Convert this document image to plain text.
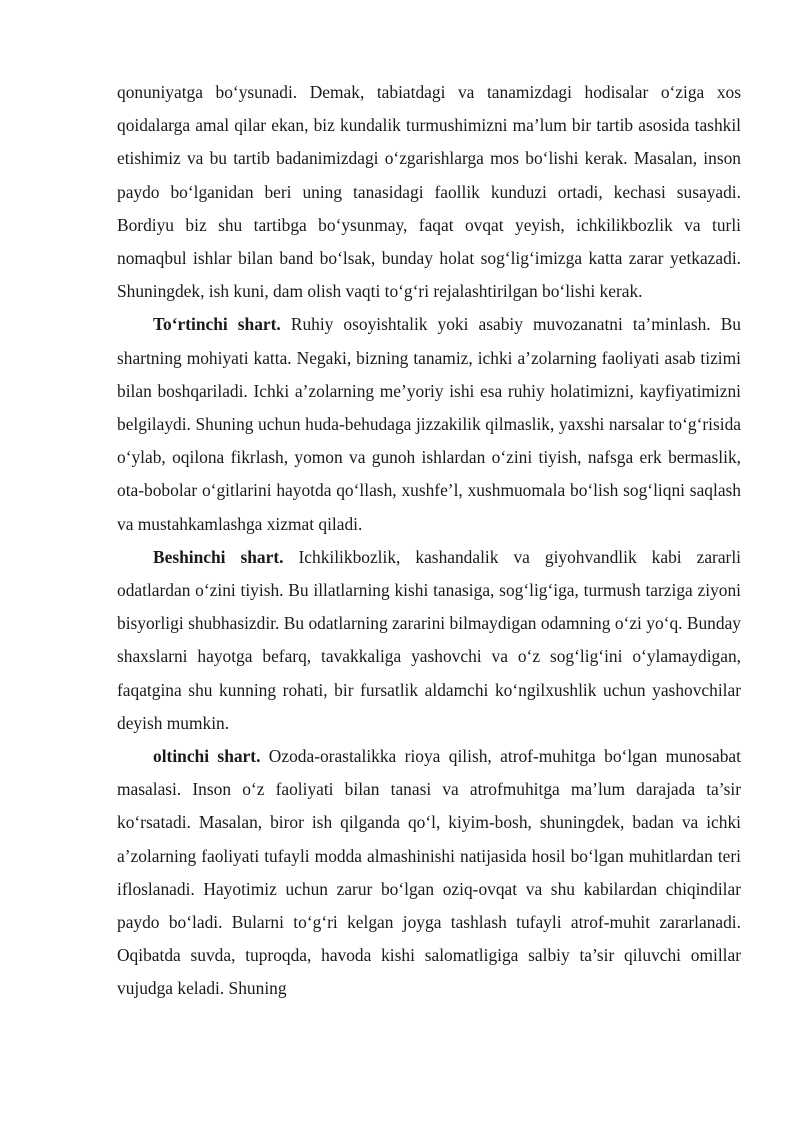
qonuniyatga bo‘ysunadi. Demak, tabiatdagi va tanamizdagi hodisalar o‘ziga xos qoidalarga amal qilar ekan, biz kundalik turmushimizni ma’lum bir tartib asosida tashkil etishimiz va bu tartib badanimizdagi o‘zgarishlarga mos bo‘lishi kerak. Masalan, inson paydo bo‘lganidan beri uning tanasidagi faollik kunduzi ortadi, kechasi susayadi. Bordiyu biz shu tartibga bo‘ysunmay, faqat ovqat yeyish, ichkilikbozlik va turli nomaqbul ishlar bilan band bo‘lsak, bunday holat sog‘lig‘imizga katta zarar yetkazadi. Shuningdek, ish kuni, dam olish vaqti to‘g‘ri rejalashtirilgan bo‘lishi kerak.

To‘rtinchi shart. Ruhiy osoyishtalik yoki asabiy muvozanatni ta’minlash. Bu shartning mohiyati katta. Negaki, bizning tanamiz, ichki a’zolarning faoliyati asab tizimi bilan boshqariladi. Ichki a’zolarning me’yoriy ishi esa ruhiy holatimizni, kayfiyatimizni belgilaydi. Shuning uchun huda-behudaga jizzakilik qilmaslik, yaxshi narsalar to‘g‘risida o‘ylab, oqilona fikrlash, yomon va gunoh ishlardan o‘zini tiyish, nafsga erk bermaslik, ota-bobolar o‘gitlarini hayotda qo‘llash, xushfe’l, xushmuomala bo‘lish sog‘liqni saqlash va mustahkamlashga xizmat qiladi.

Beshinchi shart. Ichkilikbozlik, kashandalik va giyohvandlik kabi zararli odatlardan o‘zini tiyish. Bu illatlarning kishi tanasiga, sog‘lig‘iga, turmush tarziga ziyoni bisyorligi shubhasizdir. Bu odatlarning zararini bilmaydigan odamning o‘zi yo‘q. Bunday shaxslarni hayotga befarq, tavakkaliga yashovchi va o‘z sog‘lig‘ini o‘ylamaydigan, faqatgina shu kunning rohati, bir fursatlik aldamchi ko‘ngilxushlik uchun yashovchilar deyish mumkin.

oltinchi shart. Ozoda-orastalikka rioya qilish, atrof-muhitga bo‘lgan munosabat masalasi. Inson o‘z faoliyati bilan tanasi va atrofmuhitga ma’lum darajada ta’sir ko‘rsatadi. Masalan, biror ish qilganda qo‘l, kiyim-bosh, shuningdek, badan va ichki a’zolarning faoliyati tufayli modda almashinishi natijasida hosil bo‘lgan muhitlardan teri ifloslanadi. Hayotimiz uchun zarur bo‘lgan oziq-ovqat va shu kabilardan chiqindilar paydo bo‘ladi. Bularni to‘g‘ri kelgan joyga tashlash tufayli atrof-muhit zararlanadi. Oqibatda suvda, tuproqda, havoda kishi salomatligiga salbiy ta’sir qiluvchi omillar vujudga keladi. Shuning
